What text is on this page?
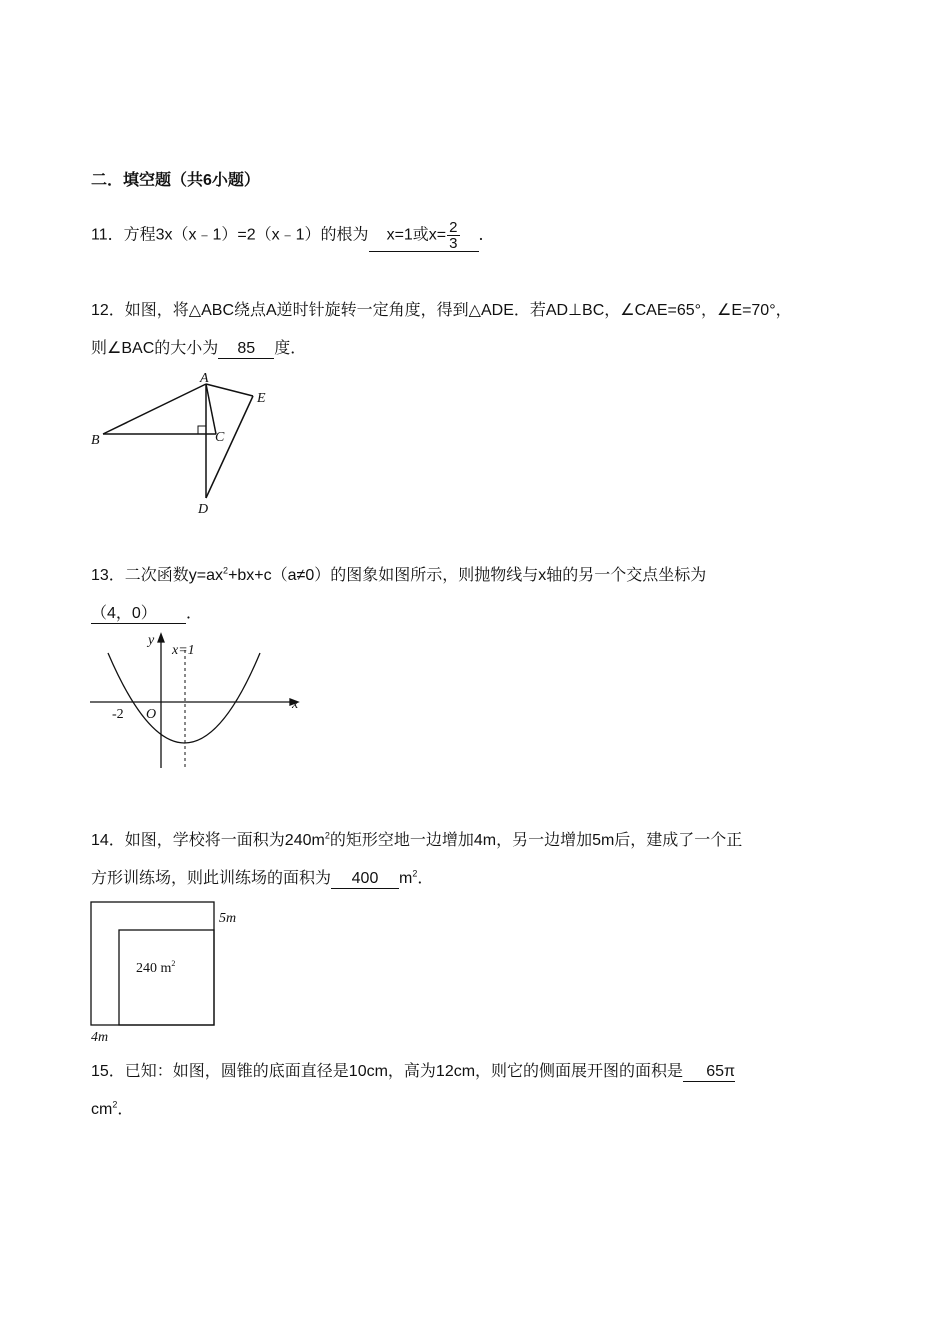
二．填空题（共6小题）
11．方程3x（x﹣1）=2（x﹣1）的根为 x=1或$x= \frac{2}{3}$ ．
12．如图，将△ABC绕点A逆时针旋转一定角度，得到△ADE．若AD⊥BC，∠CAE=65°，∠E=70°，
则∠BAC的大小为 85 度．
A
B	C
D
E
13．二次函数$y=ax^2+bx+c(a\ne 0)$的图象如图所示，则抛物线与x轴的另一个交点坐标为
（4，0） ．
y
x=1
x
-2 O
14．如图，学校将一面积为$240m^2$的矩形空地一边增加4m，另一边增加5m后，建成了一个正
方形训练场，则此训练场的面积为 400 $m^2$．
240 $m^2$
5m
4m
15．已知：如图，圆锥的底面直径是10cm，高为12cm，则它的侧面展开图的面积是 65π
$cm^2$．
